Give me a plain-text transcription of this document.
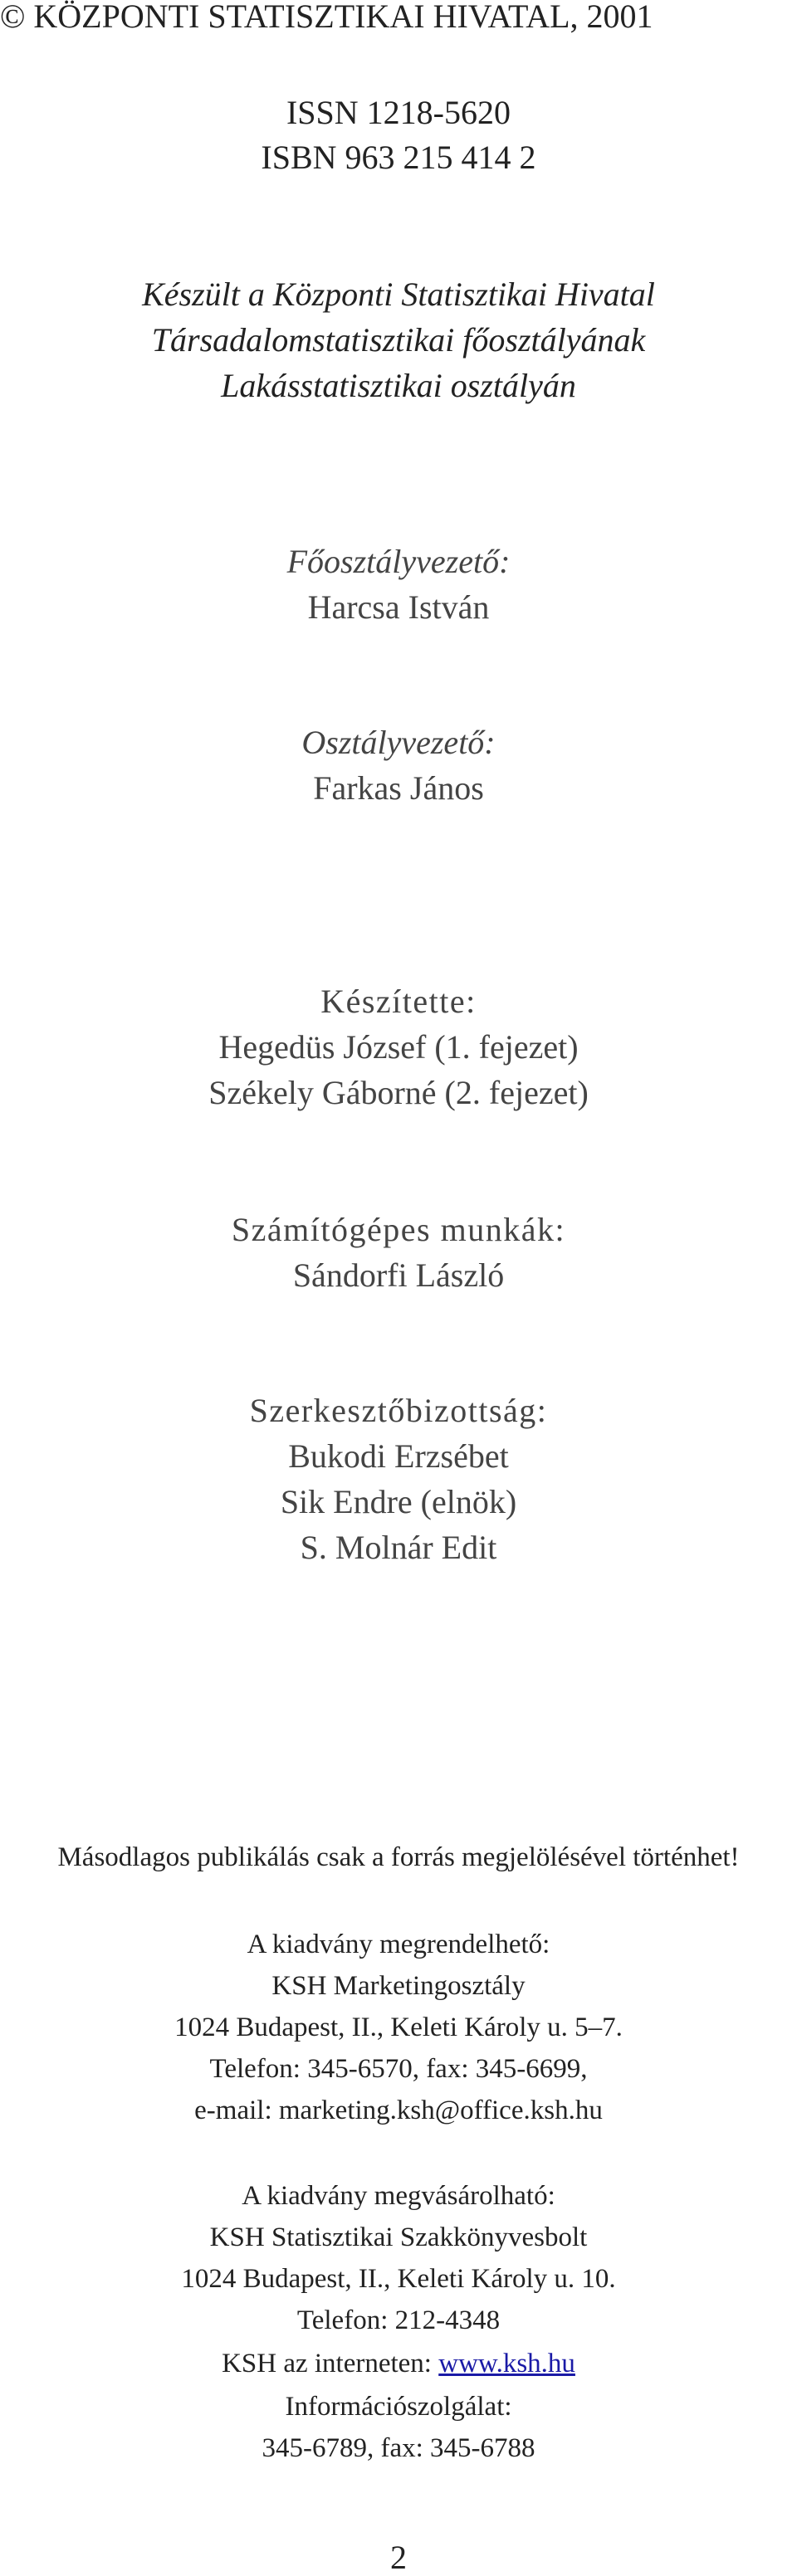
© KÖZPONTI STATISZTIKAI HIVATAL, 2001
ISSN 1218-5620
ISBN 963 215 414 2
Készült a Központi Statisztikai Hivatal
Társadalomstatisztikai főosztályának
Lakásstatisztikai osztályán
Főosztályvezető:
Harcsa István
Osztályvezető:
Farkas János
Készítette:
Hegedüs József (1. fejezet)
Székely Gáborné (2. fejezet)
Számítógépes munkák:
Sándorfi László
Szerkesztőbizottság:
Bukodi Erzsébet
Sik Endre (elnök)
S. Molnár Edit
Másodlagos publikálás csak a forrás megjelölésével történhet!
A kiadvány megrendelhető:
KSH Marketingosztály
1024 Budapest, II., Keleti Károly u. 5–7.
Telefon: 345-6570, fax: 345-6699,
e-mail: marketing.ksh@office.ksh.hu
A kiadvány megvásárolható:
KSH Statisztikai Szakkönyvesbolt
1024 Budapest, II., Keleti Károly u. 10.
Telefon: 212-4348
KSH az interneten: www.ksh.hu
Információszolgálat:
345-6789, fax: 345-6788
2
